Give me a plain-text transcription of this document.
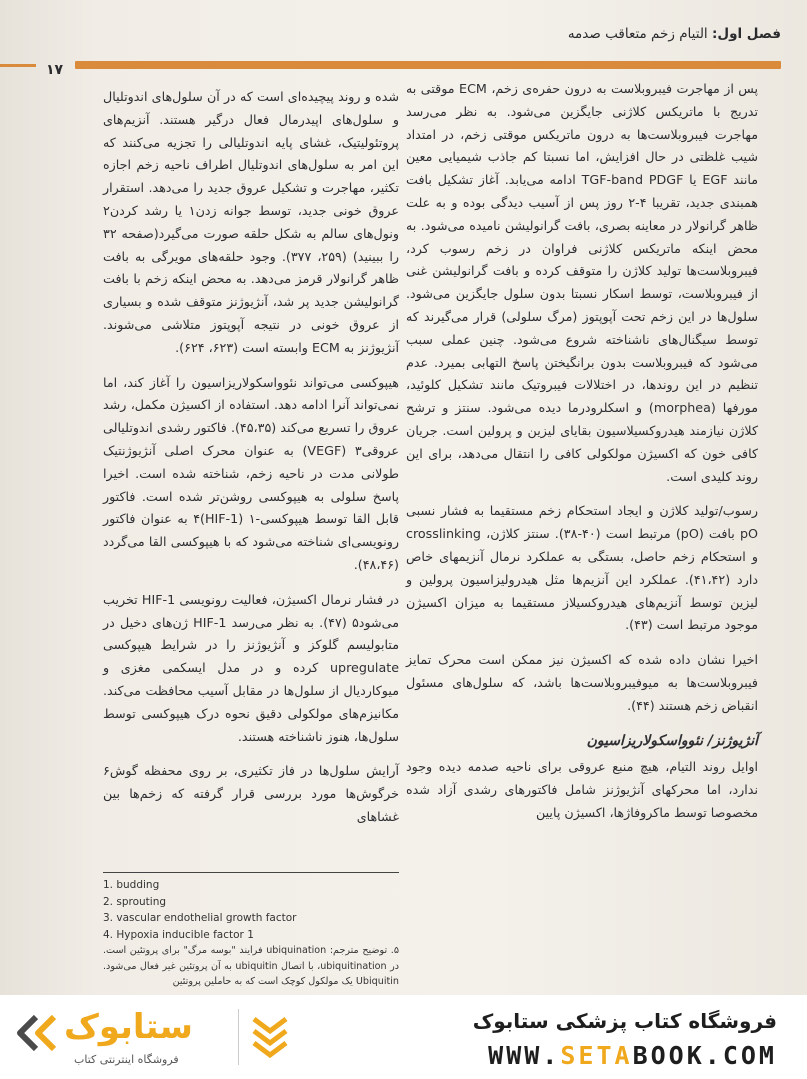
فصل اول: التیام زخم متعاقب صدمه
۱۷

پس از مهاجرت فیبروبلاست به درون حفره‌ی زخم، ECM موقتی به تدریج با ماتریکس کلاژنی جایگزین می‌شود. به نظر می‌رسد مهاجرت فیبروبلاست‌ها به درون ماتریکس موقتی زخم، در امتداد شیب غلظتی در حال افزایش، اما نسبتا کم جاذب شیمیایی معین مانند EGF یا TGF-band PDGF ادامه می‌یابد. آغاز تشکیل بافت همبندی جدید، تقریبا ۴-۲ روز پس از آسیب دیدگی بوده و به علت ظاهر گرانولار در معاینه بصری، بافت گرانولیشن نامیده می‌شود. به محض اینکه ماتریکس کلاژنی فراوان در زخم رسوب کرد، فیبروبلاست‌ها تولید کلاژن را متوقف کرده و بافت گرانولیشن غنی از فیبروبلاست، توسط اسکار نسبتا بدون سلول جایگزین می‌شود. سلول‌ها در این زخم تحت آپوپتوز (مرگ سلولی) قرار می‌گیرند که توسط سیگنال‌های ناشناخته شروع می‌شود. چنین عملی سبب می‌شود که فیبروبلاست بدون برانگیختن پاسخ التهابی بمیرد. عدم تنظیم در این روندها، در اختلالات فیبروتیک مانند تشکیل کلوئید، مورفها (morphea) و اسکلرودرما دیده می‌شود. سنتز و ترشح کلاژن نیازمند هیدروکسیلاسیون بقایای لیزین و پرولین است. جریان کافی خون که اکسیژن مولکولی کافی را انتقال می‌دهد، برای این روند کلیدی است.

رسوب/تولید کلاژن و ایجاد استحکام زخم مستقیما به فشار نسبی pO بافت (pO) مرتبط است (۴۰-۳۸). سنتز کلاژن، crosslinking و استحکام زخم حاصل، بستگی به عملکرد نرمال آنزیمهای خاص دارد (۴۱،۴۲). عملکرد این آنزیم‌ها مثل هیدرولیزاسیون پرولین و لیزین توسط آنزیم‌های هیدروکسیلاز مستقیما به میزان اکسیژن موجود مرتبط است (۴۳).

اخیرا نشان داده شده که اکسیژن نیز ممکن است محرک تمایز فیبروبلاست‌ها به میوفیبروبلاست‌ها باشد، که سلول‌های مسئول انقباض زخم هستند (۴۴).

آنژیوژنز/ نئوواسکولاریزاسیون

اوایل روند التیام، هیچ منبع عروقی برای ناحیه صدمه دیده وجود ندارد، اما محرکهای آنژیوژنز شامل فاکتورهای رشدی آزاد شده مخصوصا توسط ماکروفاژها، اکسیژن پایین

شده و روند پیچیده‌ای است که در آن سلول‌های اندوتلیال و سلول‌های اپیدرمال فعال درگیر هستند. آنزیم‌های پروتئولیتیک، غشای پایه اندوتلیالی را تجزیه می‌کنند که این امر به سلول‌های اندوتلیال اطراف ناحیه زخم اجازه تکثیر، مهاجرت و تشکیل عروق جدید را می‌دهد. استقرار عروق خونی جدید، توسط جوانه زدن۱ یا رشد کردن۲ ونول‌های سالم به شکل حلقه صورت می‌گیرد(صفحه ۳۲ را ببینید) (۲۵۹، ۳۷۷). وجود حلقه‌های مویرگی به بافت ظاهر گرانولار قرمز می‌دهد. به محض اینکه زخم با بافت گرانولیشن جدید پر شد، آنژیوژنز متوقف شده و بسیاری از عروق خونی در نتیجه آپوپتوز متلاشی می‌شوند. آنژیوژنز به ECM وابسته است (۶۲۳، ۶۲۴).

هیپوکسی می‌تواند نئوواسکولاریزاسیون را آغاز کند، اما نمی‌تواند آنرا ادامه دهد. استفاده از اکسیژن مکمل، رشد عروق را تسریع می‌کند (۴۵،۳۵). فاکتور رشدی اندوتلیالی عروقی۳ (VEGF) به عنوان محرک اصلی آنژیوژنتیک طولانی مدت در ناحیه زخم، شناخته شده است. اخیرا پاسخ سلولی به هیپوکسی روشن‌تر شده است. فاکتور قابل القا توسط هیپوکسی-۱ (HIF-1)۴ به عنوان فاکتور رونویسی‌ای شناخته می‌شود که با هیپوکسی القا می‌گردد (۴۸،۴۶).

در فشار نرمال اکسیژن، فعالیت رونویسی HIF-1 تخریب می‌شود۵ (۴۷). به نظر می‌رسد HIF-1 ژن‌های دخیل در متابولیسم گلوکز و آنژیوژنز را در شرایط هیپوکسی upregulate کرده و در مدل ایسکمی مغزی و میوکاردیال از سلول‌ها در مقابل آسیب محافظت می‌کند. مکانیزم‌های مولکولی دقیق نحوه درک هیپوکسی توسط سلول‌ها، هنوز ناشناخته هستند.

آرایش سلول‌ها در فاز تکثیری، بر روی محفظه گوش۶ خرگوش‌ها مورد بررسی قرار گرفته که زخم‌ها بین غشاهای

1. budding
2. sprouting
3. vascular endothelial growth factor
4. Hypoxia inducible factor 1
۵. توضیح مترجم: ubiquination فرایند "بوسه مرگ" برای پروتئین است. در ubiquitination، با اتصال ubiquitin به آن پروتئین غیر فعال می‌شود. Ubiquitin یک مولکول کوچک است که به حاملین پروتئین
ستابوک
فروشگاه اینترنتی کتاب
فروشگاه کتاب پزشکی ستابوک
WWW.SETABOOK.COM
